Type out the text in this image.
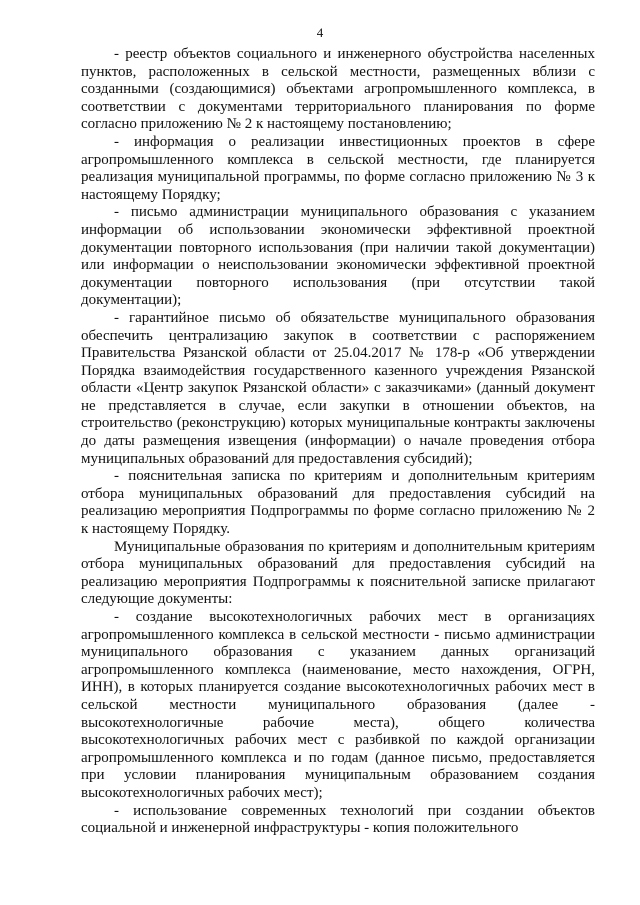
4

- реестр объектов социального и инженерного обустройства населенных пунктов, расположенных в сельской местности, размещенных вблизи с созданными (создающимися) объектами агропромышленного комплекса, в соответствии с документами территориального планирования по форме согласно приложению № 2 к настоящему постановлению;

- информация о реализации инвестиционных проектов в сфере агропромышленного комплекса в сельской местности, где планируется реализация муниципальной программы, по форме согласно приложению № 3 к настоящему Порядку;

- письмо администрации муниципального образования с указанием информации об использовании экономически эффективной проектной документации повторного использования (при наличии такой документации) или информации о неиспользовании экономически эффективной проектной документации повторного использования (при отсутствии такой документации);

- гарантийное письмо об обязательстве муниципального образования обеспечить централизацию закупок в соответствии с распоряжением Правительства Рязанской области от 25.04.2017 № 178-р «Об утверждении Порядка взаимодействия государственного казенного учреждения Рязанской области «Центр закупок Рязанской области» с заказчиками» (данный документ не представляется в случае, если закупки в отношении объектов, на строительство (реконструкцию) которых муниципальные контракты заключены до даты размещения извещения (информации) о начале проведения отбора муниципальных образований для предоставления субсидий);

- пояснительная записка по критериям и дополнительным критериям отбора муниципальных образований для предоставления субсидий на реализацию мероприятия Подпрограммы по форме согласно приложению № 2 к настоящему Порядку.

Муниципальные образования по критериям и дополнительным критериям отбора муниципальных образований для предоставления субсидий на реализацию мероприятия Подпрограммы к пояснительной записке прилагают следующие документы:

- создание высокотехнологичных рабочих мест в организациях агропромышленного комплекса в сельской местности - письмо администрации муниципального образования с указанием данных организаций агропромышленного комплекса (наименование, место нахождения, ОГРН, ИНН), в которых планируется создание высокотехнологичных рабочих мест в сельской местности муниципального образования (далее - высокотехнологичные рабочие места), общего количества высокотехнологичных рабочих мест с разбивкой по каждой организации агропромышленного комплекса и по годам (данное письмо, предоставляется при условии планирования муниципальным образованием создания высокотехнологичных рабочих мест);

- использование современных технологий при создании объектов социальной и инженерной инфраструктуры - копия положительного
